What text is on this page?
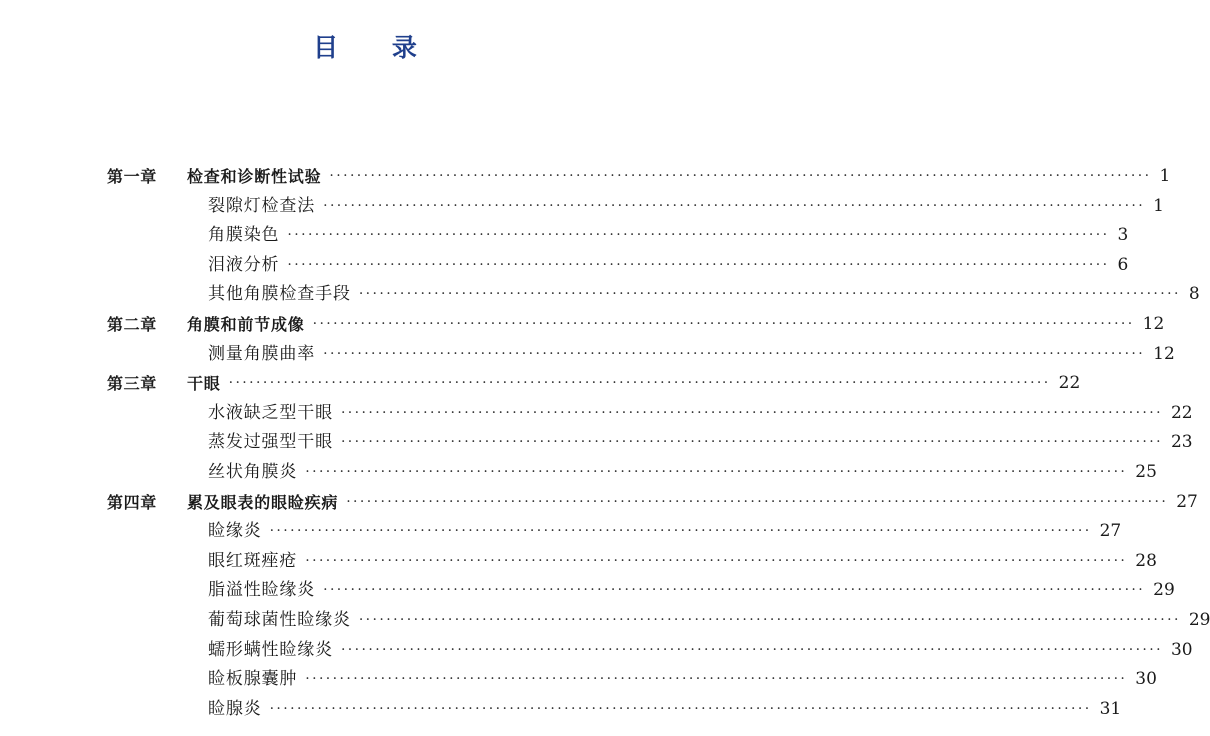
目 录
第一章	检查和诊断性试验 ························································································································ 1
裂隙灯检查法 ························································································································ 1
角膜染色 ························································································································ 3
泪液分析 ························································································································ 6
其他角膜检查手段 ························································································································ 8
第二章	角膜和前节成像 ························································································································ 12
测量角膜曲率 ························································································································ 12
第三章	干眼 ························································································································ 22
水液缺乏型干眼 ························································································································ 22
蒸发过强型干眼 ························································································································ 23
丝状角膜炎 ························································································································ 25
第四章	累及眼表的眼睑疾病 ························································································································ 27
睑缘炎 ························································································································ 27
眼红斑痤疮 ························································································································ 28
脂溢性睑缘炎 ························································································································ 29
葡萄球菌性睑缘炎 ························································································································ 29
蠕形螨性睑缘炎 ························································································································ 30
睑板腺囊肿 ························································································································ 30
睑腺炎 ························································································································ 31
